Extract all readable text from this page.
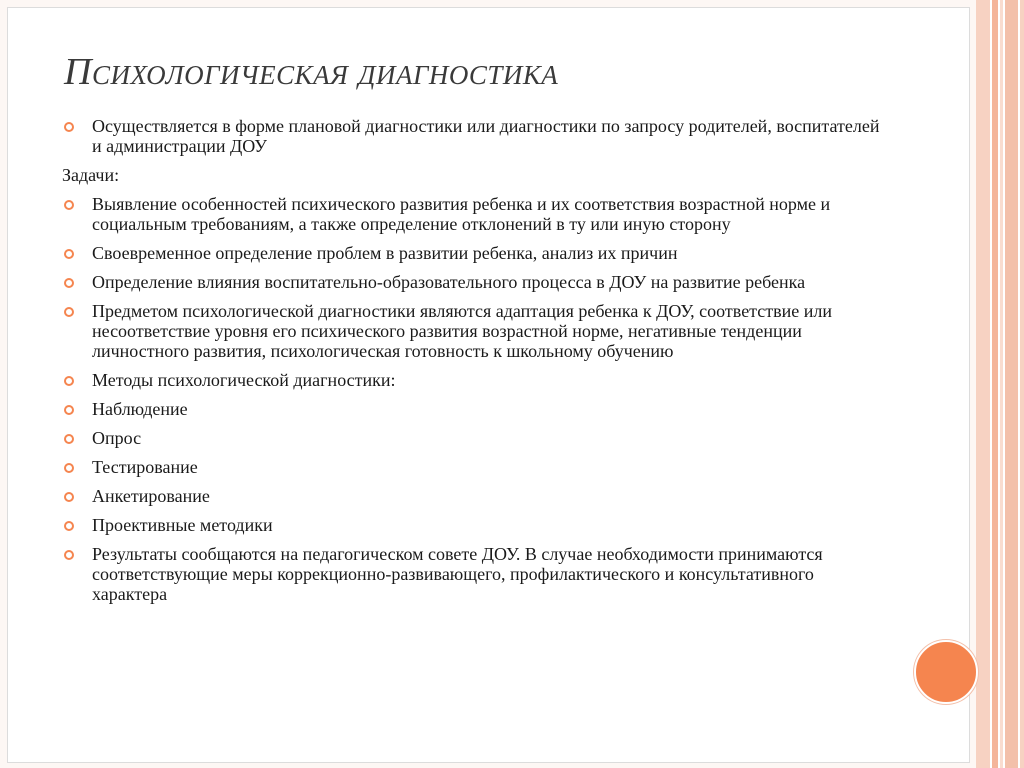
Психологическая диагностика
Осуществляется в форме плановой диагностики или диагностики по запросу родителей, воспитателей и администрации ДОУ
Задачи:
Выявление особенностей психического развития ребенка и их соответствия возрастной норме и социальным требованиям, а также определение отклонений в ту или иную сторону
Своевременное определение проблем в развитии ребенка, анализ их причин
Определение влияния воспитательно-образовательного процесса в ДОУ на развитие ребенка
Предметом психологической диагностики являются адаптация ребенка к ДОУ, соответствие или несоответствие уровня его психического развития возрастной норме, негативные тенденции личностного развития, психологическая готовность к школьному обучению
Методы психологической диагностики:
Наблюдение
Опрос
Тестирование
Анкетирование
Проективные методики
Результаты сообщаются на педагогическом совете ДОУ. В случае необходимости принимаются соответствующие меры коррекционно-развивающего, профилактического и консультативного характера
